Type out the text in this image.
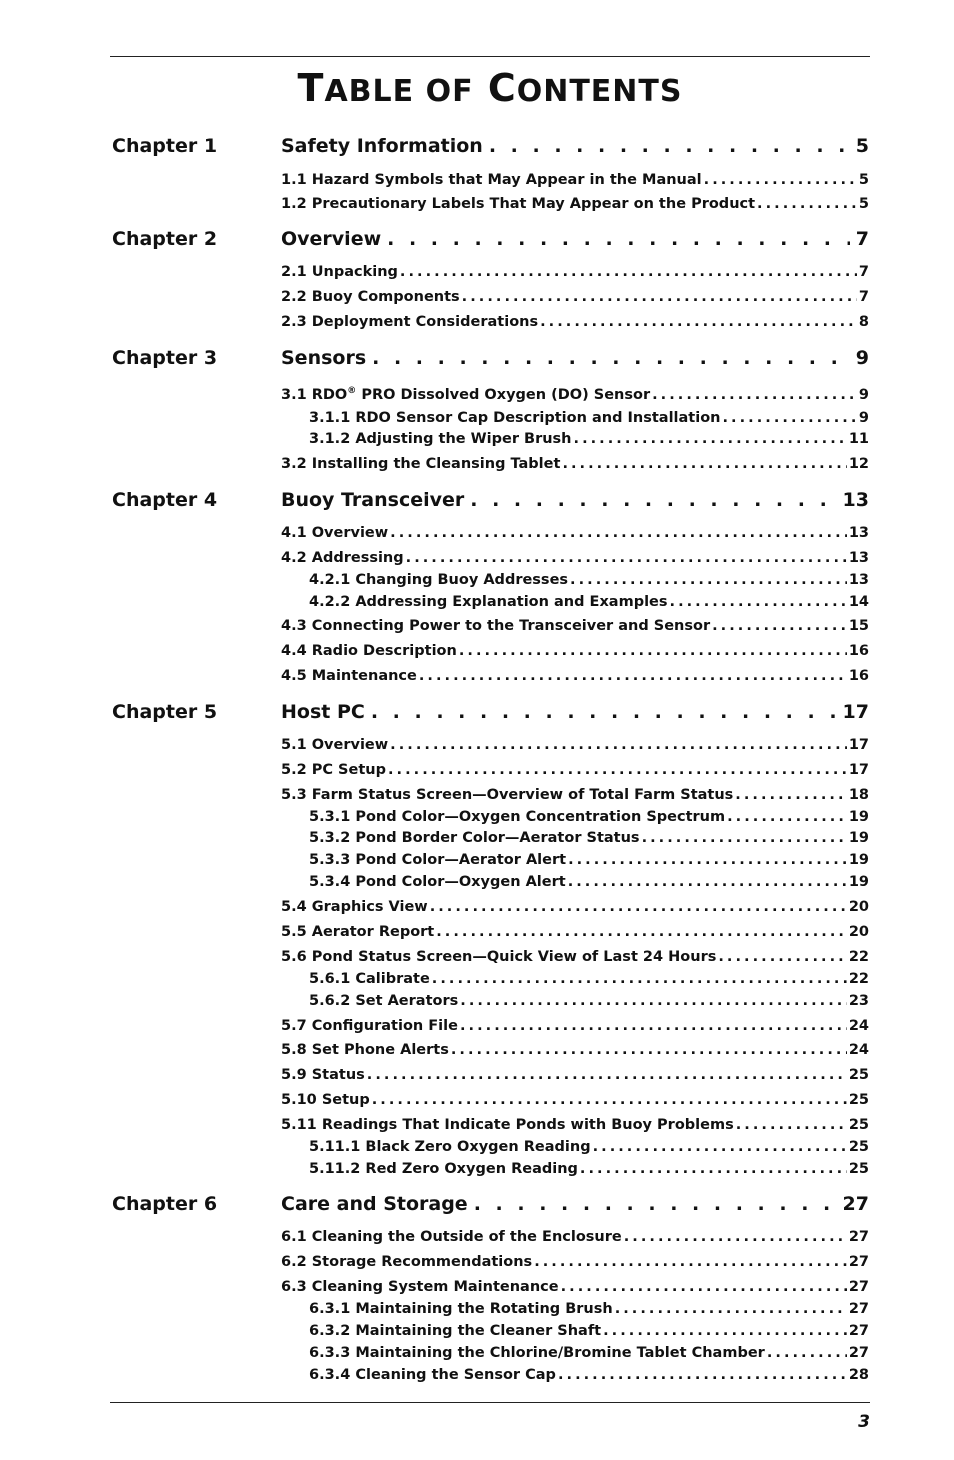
TABLE OF CONTENTS
Chapter 1	Safety Information . . .	5
1.1 Hazard Symbols that May Appear in the Manual . . .	5
1.2 Precautionary Labels That May Appear on the Product . . .	5
Chapter 2	Overview . . .	7
2.1 Unpacking . . .	7
2.2 Buoy Components . . .	7
2.3 Deployment Considerations . . .	8
Chapter 3	Sensors . . .	9
3.1 RDO® PRO Dissolved Oxygen (DO) Sensor . . .	9
3.1.1 RDO Sensor Cap Description and Installation . . .	9
3.1.2 Adjusting the Wiper Brush . . .	11
3.2 Installing the Cleansing Tablet . . .	12
Chapter 4	Buoy Transceiver . . .	13
4.1 Overview . . .	13
4.2 Addressing . . .	13
4.2.1 Changing Buoy Addresses . . .	13
4.2.2 Addressing Explanation and Examples . . .	14
4.3 Connecting Power to the Transceiver and Sensor . . .	15
4.4 Radio Description . . .	16
4.5 Maintenance . . .	16
Chapter 5	Host PC . . .	17
5.1 Overview . . .	17
5.2 PC Setup . . .	17
5.3 Farm Status Screen—Overview of Total Farm Status . . .	18
5.3.1 Pond Color—Oxygen Concentration Spectrum . . .	19
5.3.2 Pond Border Color—Aerator Status . . .	19
5.3.3 Pond Color—Aerator Alert . . .	19
5.3.4 Pond Color—Oxygen Alert . . .	19
5.4 Graphics View . . .	20
5.5 Aerator Report . . .	20
5.6 Pond Status Screen—Quick View of Last 24 Hours . . .	22
5.6.1 Calibrate . . .	22
5.6.2 Set Aerators . . .	23
5.7 Configuration File . . .	24
5.8 Set Phone Alerts . . .	24
5.9 Status . . .	25
5.10 Setup . . .	25
5.11 Readings That Indicate Ponds with Buoy Problems . . .	25
5.11.1 Black Zero Oxygen Reading . . .	25
5.11.2 Red Zero Oxygen Reading . . .	25
Chapter 6	Care and Storage . . .	27
6.1 Cleaning the Outside of the Enclosure . . .	27
6.2 Storage Recommendations . . .	27
6.3 Cleaning System Maintenance . . .	27
6.3.1 Maintaining the Rotating Brush . . .	27
6.3.2 Maintaining the Cleaner Shaft . . .	27
6.3.3 Maintaining the Chlorine/Bromine Tablet Chamber . . .	27
6.3.4 Cleaning the Sensor Cap . . .	28
3
